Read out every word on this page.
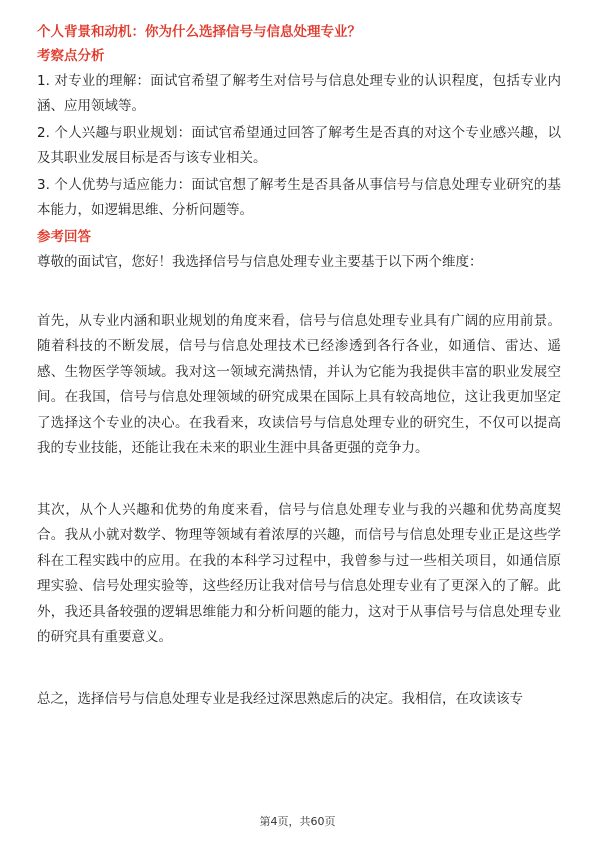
个人背景和动机：你为什么选择信号与信息处理专业？
考察点分析

1. 对专业的理解：面试官希望了解考生对信号与信息处理专业的认识程度，包括专业内涵、应用领域等。

2. 个人兴趣与职业规划：面试官希望通过回答了解考生是否真的对这个专业感兴趣，以及其职业发展目标是否与该专业相关。

3. 个人优势与适应能力：面试官想了解考生是否具备从事信号与信息处理专业研究的基本能力，如逻辑思维、分析问题等。

参考回答

尊敬的面试官，您好！我选择信号与信息处理专业主要基于以下两个维度：

首先，从专业内涵和职业规划的角度来看，信号与信息处理专业具有广阔的应用前景。随着科技的不断发展，信号与信息处理技术已经渗透到各行各业，如通信、雷达、遥感、生物医学等领域。我对这一领域充满热情，并认为它能为我提供丰富的职业发展空间。在我国，信号与信息处理领域的研究成果在国际上具有较高地位，这让我更加坚定了选择这个专业的决心。在我看来，攻读信号与信息处理专业的研究生，不仅可以提高我的专业技能，还能让我在未来的职业生涯中具备更强的竞争力。

其次，从个人兴趣和优势的角度来看，信号与信息处理专业与我的兴趣和优势高度契合。我从小就对数学、物理等领域有着浓厚的兴趣，而信号与信息处理专业正是这些学科在工程实践中的应用。在我的本科学习过程中，我曾参与过一些相关项目，如通信原理实验、信号处理实验等，这些经历让我对信号与信息处理专业有了更深入的了解。此外，我还具备较强的逻辑思维能力和分析问题的能力，这对于从事信号与信息处理专业的研究具有重要意义。

总之，选择信号与信息处理专业是我经过深思熟虑后的决定。我相信，在攻读该专

第4页，共60页
